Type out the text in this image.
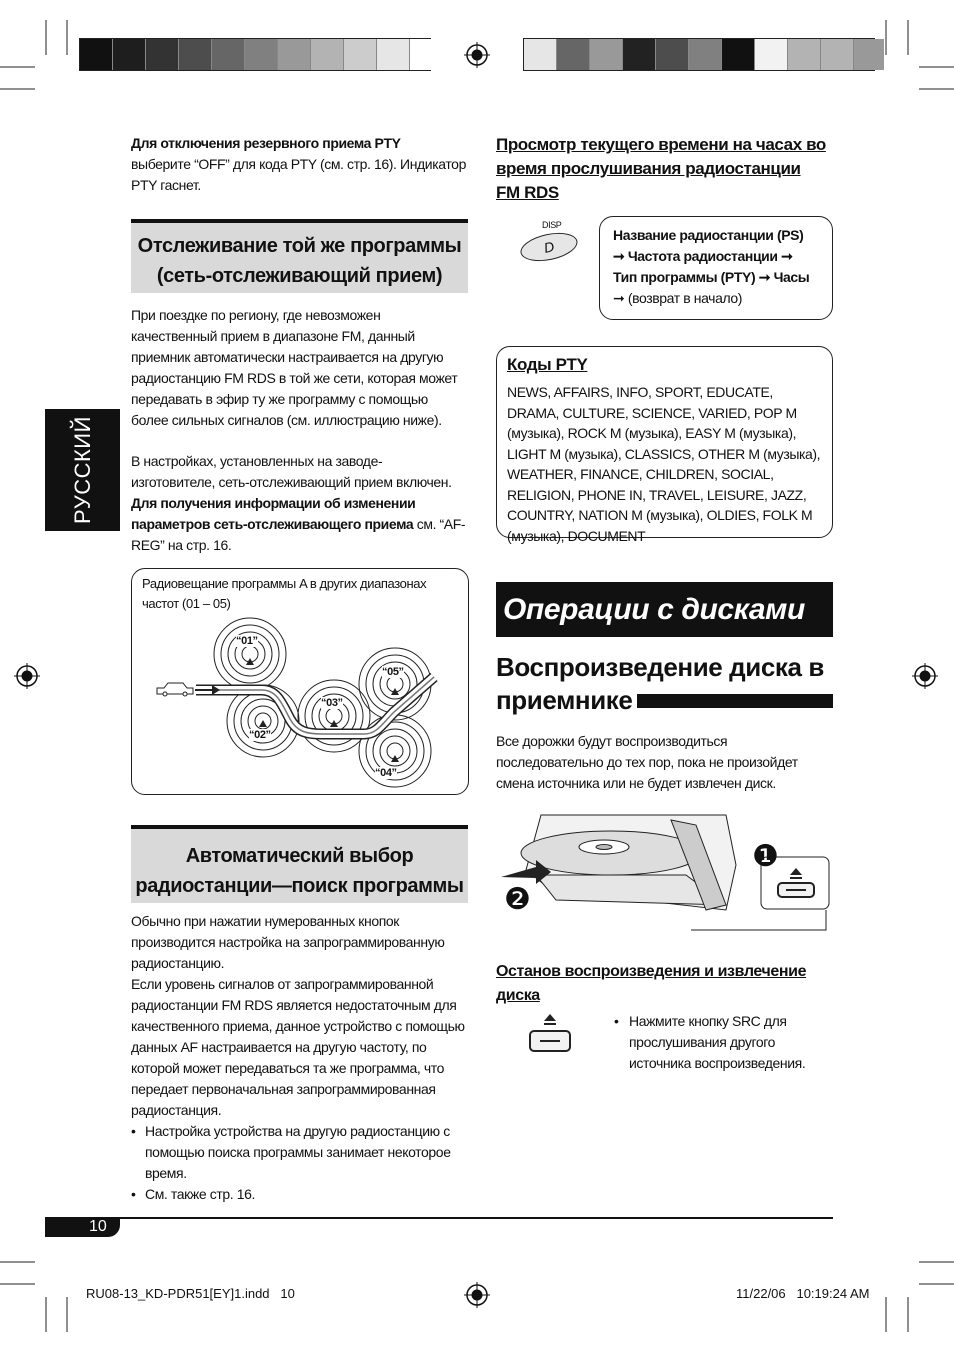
РУССКИЙ

Для отключения резервного приема PTY

выберите “OFF” для кода PTY (см. стр. 16). Индикатор PTY гаснет.

Отслеживание той же программы
(сеть-отслеживающий прием)

При поездке по региону, где невозможен качественный прием в диапазоне FM, данный приемник автоматически настраивается на другую радиостанцию FM RDS в той же сети, которая может передавать в эфир ту же программу с помощью более сильных сигналов (см. иллюстрацию ниже).

В настройках, установленных на заводе-изготовителе, сеть-отслеживающий прием включен.

Для получения информации об изменении параметров сеть-отслеживающего приема см. “AF-REG” на стр. 16.

Радиовещание программы A в других диапазонах частот (01 – 05)
“01”
“02”
“03”
“04”
“05”
Автоматический выбор
радиостанции—поиск программы

Обычно при нажатии нумерованных кнопок производится настройка на запрограммированную радиостанцию.

Если уровень сигналов от запрограммированной радиостанции FM RDS является недостаточным для качественного приема, данное устройство с помощью данных AF настраивается на другую частоту, по которой может передаваться та же программа, что передает первоначальная запрограммированная радиостанция.

• Настройка устройства на другую радиостанцию с помощью поиска программы занимает некоторое время.
• См. также стр. 16.
Просмотр текущего времени на часах во время прослушивания радиостанции FM RDS
DISP
D
Название радиостанции (PS)
➞ Частота радиостанции ➞
Тип программы (PTY) ➞ Часы
➞ (возврат в начало)
Коды PTY
NEWS, AFFAIRS, INFO, SPORT, EDUCATE, DRAMA, CULTURE, SCIENCE, VARIED, POP M (музыка), ROCK M (музыка), EASY M (музыка), LIGHT M (музыка), CLASSICS, OTHER M (музыка), WEATHER, FINANCE, CHILDREN, SOCIAL, RELIGION, PHONE IN, TRAVEL, LEISURE, JAZZ, COUNTRY, NATION M (музыка), OLDIES, FOLK M (музыка), DOCUMENT
Операции с дисками
Воспроизведение диска в
приемнике
Все дорожки будут воспроизводиться последовательно до тех пор, пока не произойдет смена источника или не будет извлечен диск.
❶
❷
Останов воспроизведения и извлечение диска
• Нажмите кнопку SRC для прослушивания другого источника воспроизведения.
10
RU08-13_KD-PDR51[EY]1.indd   10	11/22/06   10:19:24 AM
